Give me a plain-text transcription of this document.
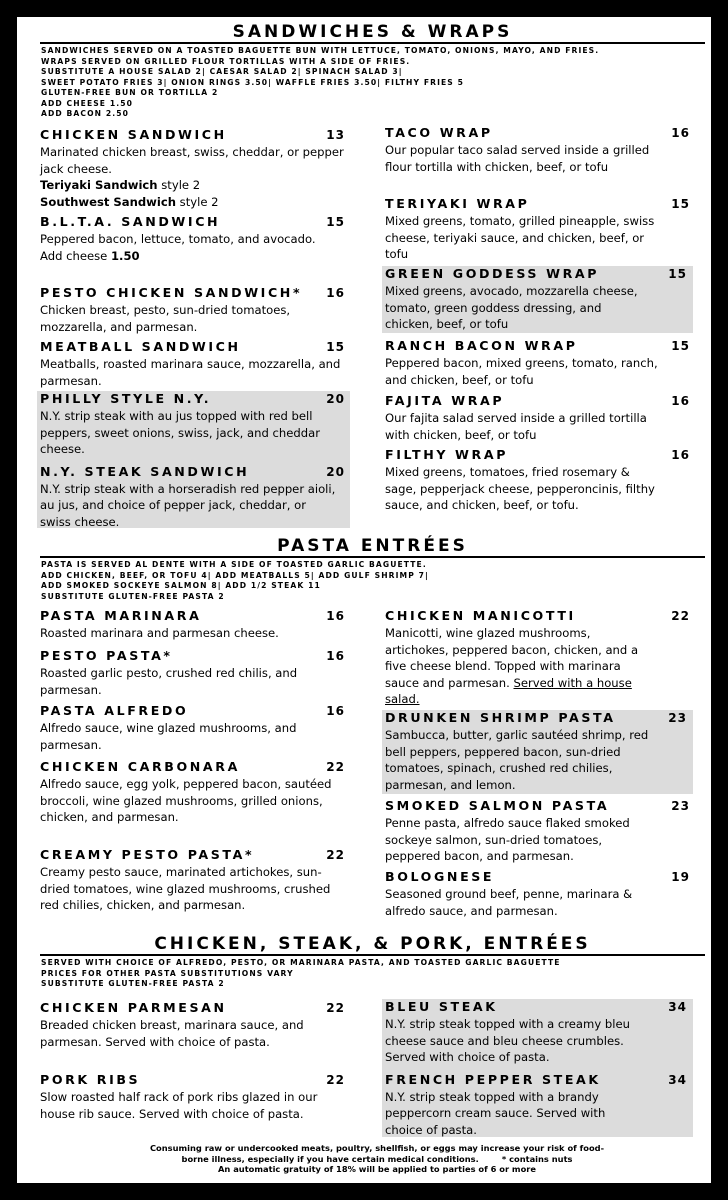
SANDWICHES & WRAPS
SANDWICHES SERVED ON A TOASTED BAGUETTE BUN WITH LETTUCE, TOMATO, ONIONS, MAYO, AND FRIES.
WRAPS SERVED ON GRILLED FLOUR TORTILLAS WITH A SIDE OF FRIES.
SUBSTITUTE A HOUSE SALAD 2| CAESAR SALAD 2| SPINACH SALAD 3|
SWEET POTATO FRIES 3| ONION RINGS 3.50| WAFFLE FRIES 3.50| FILTHY FRIES 5
GLUTEN-FREE BUN OR TORTILLA 2
ADD CHEESE 1.50
ADD BACON 2.50
CHICKEN SANDWICH	13
Marinated chicken breast, swiss, cheddar, or pepper jack cheese.
Teriyaki Sandwich style 2
Southwest Sandwich style 2
B.L.T.A. SANDWICH	15
Peppered bacon, lettuce, tomato, and avocado.
Add cheese 1.50
PESTO CHICKEN SANDWICH*	16
Chicken breast, pesto, sun-dried tomatoes, mozzarella, and parmesan.
MEATBALL SANDWICH	15
Meatballs, roasted marinara sauce, mozzarella, and parmesan.
PHILLY STYLE N.Y.	20
N.Y. strip steak with au jus topped with red bell peppers, sweet onions, swiss, jack, and cheddar cheese.
N.Y. STEAK SANDWICH	20
N.Y. strip steak with a horseradish red pepper aioli, au jus, and choice of pepper jack, cheddar, or swiss cheese.
TACO WRAP	16
Our popular taco salad served inside a grilled flour tortilla with chicken, beef, or tofu
TERIYAKI WRAP	15
Mixed greens, tomato, grilled pineapple, swiss cheese, teriyaki sauce, and chicken, beef, or tofu
GREEN GODDESS WRAP	15
Mixed greens, avocado, mozzarella cheese, tomato, green goddess dressing, and chicken, beef, or tofu
RANCH BACON WRAP	15
Peppered bacon, mixed greens, tomato, ranch, and chicken, beef, or tofu
FAJITA WRAP	16
Our fajita salad served inside a grilled tortilla with chicken, beef, or tofu
FILTHY WRAP	16
Mixed greens, tomatoes, fried rosemary & sage, pepperjack cheese, pepperoncinis, filthy sauce, and chicken, beef, or tofu.
PASTA ENTRÉES
PASTA IS SERVED AL DENTE WITH A SIDE OF TOASTED GARLIC BAGUETTE.
ADD CHICKEN, BEEF, OR TOFU 4| ADD MEATBALLS 5| ADD GULF SHRIMP 7|
ADD SMOKED SOCKEYE SALMON 8| ADD 1/2 STEAK 11
SUBSTITUTE GLUTEN-FREE PASTA 2
PASTA MARINARA	16
Roasted marinara and parmesan cheese.
PESTO PASTA*	16
Roasted garlic pesto, crushed red chilis, and parmesan.
PASTA ALFREDO	16
Alfredo sauce, wine glazed mushrooms, and parmesan.
CHICKEN CARBONARA	22
Alfredo sauce, egg yolk, peppered bacon, sautéed broccoli, wine glazed mushrooms, grilled onions, chicken, and parmesan.
CREAMY PESTO PASTA*	22
Creamy pesto sauce, marinated artichokes, sun-dried tomatoes, wine glazed mushrooms, crushed red chilies, chicken, and parmesan.
CHICKEN MANICOTTI	22
Manicotti, wine glazed mushrooms, artichokes, peppered bacon, chicken, and a five cheese blend. Topped with marinara sauce and parmesan. Served with a house salad.
DRUNKEN SHRIMP PASTA	23
Sambucca, butter, garlic sautéed shrimp, red bell peppers, peppered bacon, sun-dried tomatoes, spinach, crushed red chilies, parmesan, and lemon.
SMOKED SALMON PASTA	23
Penne pasta, alfredo sauce flaked smoked sockeye salmon, sun-dried tomatoes, peppered bacon, and parmesan.
BOLOGNESE	19
Seasoned ground beef, penne, marinara & alfredo sauce, and parmesan.
CHICKEN, STEAK, & PORK, ENTRÉES
SERVED WITH CHOICE OF ALFREDO, PESTO, OR MARINARA PASTA, AND TOASTED GARLIC BAGUETTE
PRICES FOR OTHER PASTA SUBSTITUTIONS VARY
SUBSTITUTE GLUTEN-FREE PASTA 2
CHICKEN PARMESAN	22
Breaded chicken breast, marinara sauce, and parmesan. Served with choice of pasta.
PORK RIBS	22
Slow roasted half rack of pork ribs glazed in our house rib sauce. Served with choice of pasta.
BLEU STEAK	34
N.Y. strip steak topped with a creamy bleu cheese sauce and bleu cheese crumbles. Served with choice of pasta.
FRENCH PEPPER STEAK	34
N.Y. strip steak topped with a brandy peppercorn cream sauce. Served with choice of pasta.
Consuming raw or undercooked meats, poultry, shellfish, or eggs may increase your risk of food-
borne illness, especially if you have certain medical conditions.        * contains nuts
An automatic gratuity of 18% will be applied to parties of 6 or more
